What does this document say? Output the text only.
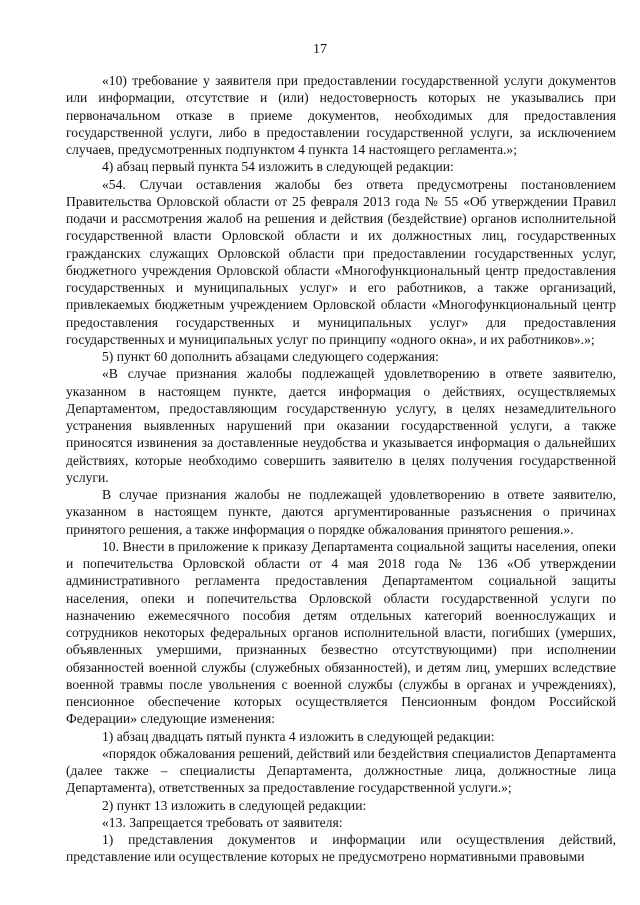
17

«10) требование у заявителя при предоставлении государственной услуги документов или информации, отсутствие и (или) недостоверность которых не указывались при первоначальном отказе в приеме документов, необходимых для предоставления государственной услуги, либо в предоставлении государственной услуги, за исключением случаев, предусмотренных подпунктом 4 пункта 14 настоящего регламента.»;

4) абзац первый пункта 54 изложить в следующей редакции:

«54. Случаи оставления жалобы без ответа предусмотрены постановлением Правительства Орловской области от 25 февраля 2013 года № 55 «Об утверждении Правил подачи и рассмотрения жалоб на решения и действия (бездействие) органов исполнительной государственной власти Орловской области и их должностных лиц, государственных гражданских служащих Орловской области при предоставлении государственных услуг, бюджетного учреждения Орловской области «Многофункциональный центр предоставления государственных и муниципальных услуг» и его работников, а также организаций, привлекаемых бюджетным учреждением Орловской области «Многофункциональный центр предоставления государственных и муниципальных услуг» для предоставления государственных и муниципальных услуг по принципу «одного окна», и их работников».»;

5) пункт 60 дополнить абзацами следующего содержания:

«В случае признания жалобы подлежащей удовлетворению в ответе заявителю, указанном в настоящем пункте, дается информация о действиях, осуществляемых Департаментом, предоставляющим государственную услугу, в целях незамедлительного устранения выявленных нарушений при оказании государственной услуги, а также приносятся извинения за доставленные неудобства и указывается информация о дальнейших действиях, которые необходимо совершить заявителю в целях получения государственной услуги.

В случае признания жалобы не подлежащей удовлетворению в ответе заявителю, указанном в настоящем пункте, даются аргументированные разъяснения о причинах принятого решения, а также информация о порядке обжалования принятого решения.».

10. Внести в приложение к приказу Департамента социальной защиты населения, опеки и попечительства Орловской области от 4 мая 2018 года № 136 «Об утверждении административного регламента предоставления Департаментом социальной защиты населения, опеки и попечительства Орловской области государственной услуги по назначению ежемесячного пособия детям отдельных категорий военнослужащих и сотрудников некоторых федеральных органов исполнительной власти, погибших (умерших, объявленных умершими, признанных безвестно отсутствующими) при исполнении обязанностей военной службы (служебных обязанностей), и детям лиц, умерших вследствие военной травмы после увольнения с военной службы (службы в органах и учреждениях), пенсионное обеспечение которых осуществляется Пенсионным фондом Российской Федерации» следующие изменения:

1) абзац двадцать пятый пункта 4 изложить в следующей редакции:

«порядок обжалования решений, действий или бездействия специалистов Департамента (далее также – специалисты Департамента, должностные лица, должностные лица Департамента), ответственных за предоставление государственной услуги.»;

2) пункт 13 изложить в следующей редакции:

«13. Запрещается требовать от заявителя:

1) представления документов и информации или осуществления действий, представление или осуществление которых не предусмотрено нормативными правовыми
